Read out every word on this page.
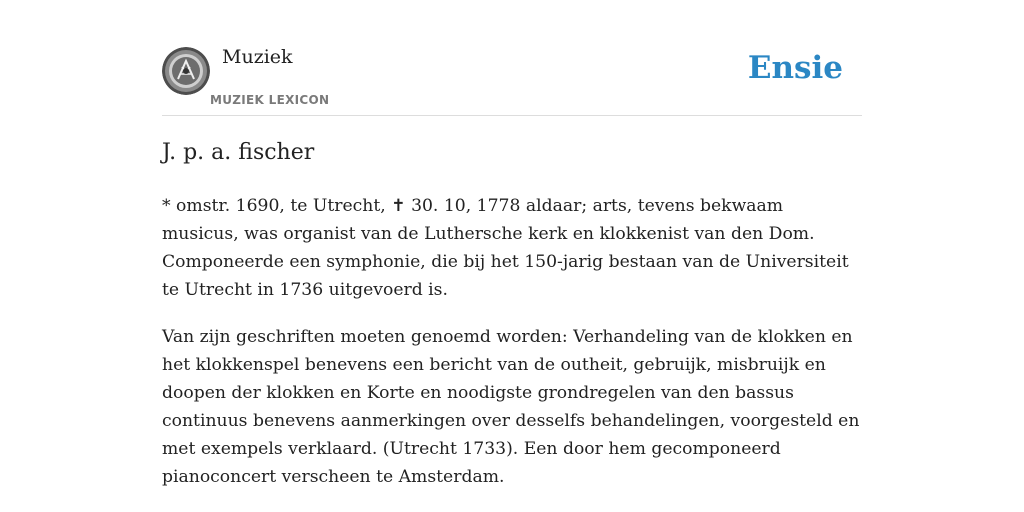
Muziek
MUZIEK LEXICON
Ensie
J. p. a. fischer

* omstr. 1690, te Utrecht, ✝ 30. 10, 1778 aldaar; arts, tevens bekwaam musicus, was organist van de Luthersche kerk en klokkenist van den Dom. Componeerde een symphonie, die bij het 150-jarig bestaan van de Universiteit te Utrecht in 1736 uitgevoerd is.

Van zijn geschriften moeten genoemd worden: Verhandeling van de klokken en het klokkenspel benevens een bericht van de outheit, gebruijk, misbruijk en doopen der klokken en Korte en noodigste grondregelen van den bassus continuus benevens aanmerkingen over desselfs behandelingen, voorgesteld en met exempels verklaard. (Utrecht 1733). Een door hem gecomponeerd pianoconcert verscheen te Amsterdam.
